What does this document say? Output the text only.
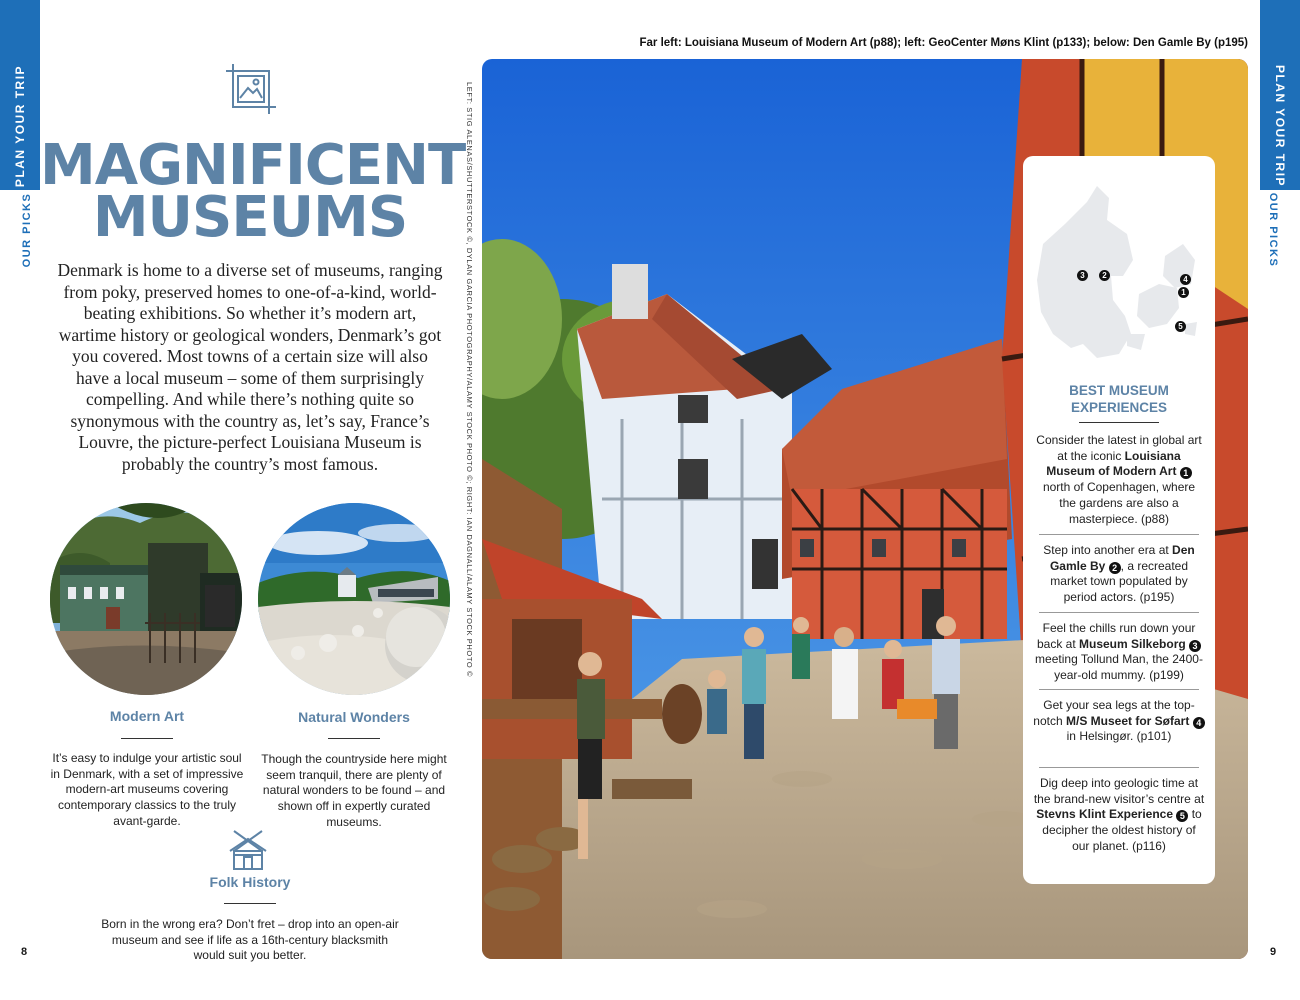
PLAN YOUR TRIP
OUR PICKS
PLAN YOUR TRIP
OUR PICKS
8	9
MAGNIFICENT
MUSEUMS
Denmark is home to a diverse set of museums, ranging from poky, preserved homes to one-of-a-kind, world-beating exhibitions. So whether it’s modern art, wartime history or geological wonders, Denmark’s got you covered. Most towns of a certain size will also have a local museum – some of them surprisingly compelling. And while there’s nothing quite so synonymous with the country as, let’s say, France’s Louvre, the picture-perfect Louisiana Museum is probably the country’s most famous.
Modern Art
It’s easy to indulge your artistic soul in Denmark, with a set of impressive modern-art museums covering contemporary classics to the truly avant-garde.
Natural Wonders
Though the countryside here might seem tranquil, there are plenty of natural wonders to be found – and shown off in expertly curated museums.
Folk History
Born in the wrong era? Don’t fret – drop into an open-air museum and see if life as a 16th-century blacksmith would suit you better.
LEFT: STIG ALENAS/SHUTTERSTOCK ©, DYLAN GARCIA PHOTOGRAPHY/ALAMY STOCK PHOTO ©; RIGHT: IAN DAGNALL/ALAMY STOCK PHOTO ©
Far left: Louisiana Museum of Modern Art (p88); left: GeoCenter Møns Klint (p133); below: Den Gamle By (p195)
3	2	4
1
5
BEST MUSEUM
EXPERIENCES
Consider the latest in global art at the iconic Louisiana Museum of Modern Art 1 north of Copenhagen, where the gardens are also a masterpiece. (p88)
Step into another era at Den Gamle By 2 , a recreated market town populated by period actors. (p195)
Feel the chills run down your back at Museum Silkeborg 3 meeting Tollund Man, the 2400-year-old mummy. (p199)
Get your sea legs at the top-notch M/S Museet for Søfart 4 in Helsingør. (p101)
Dig deep into geologic time at the brand-new visitor’s centre at Stevns Klint Experience 5 to decipher the oldest history of our planet. (p116)
